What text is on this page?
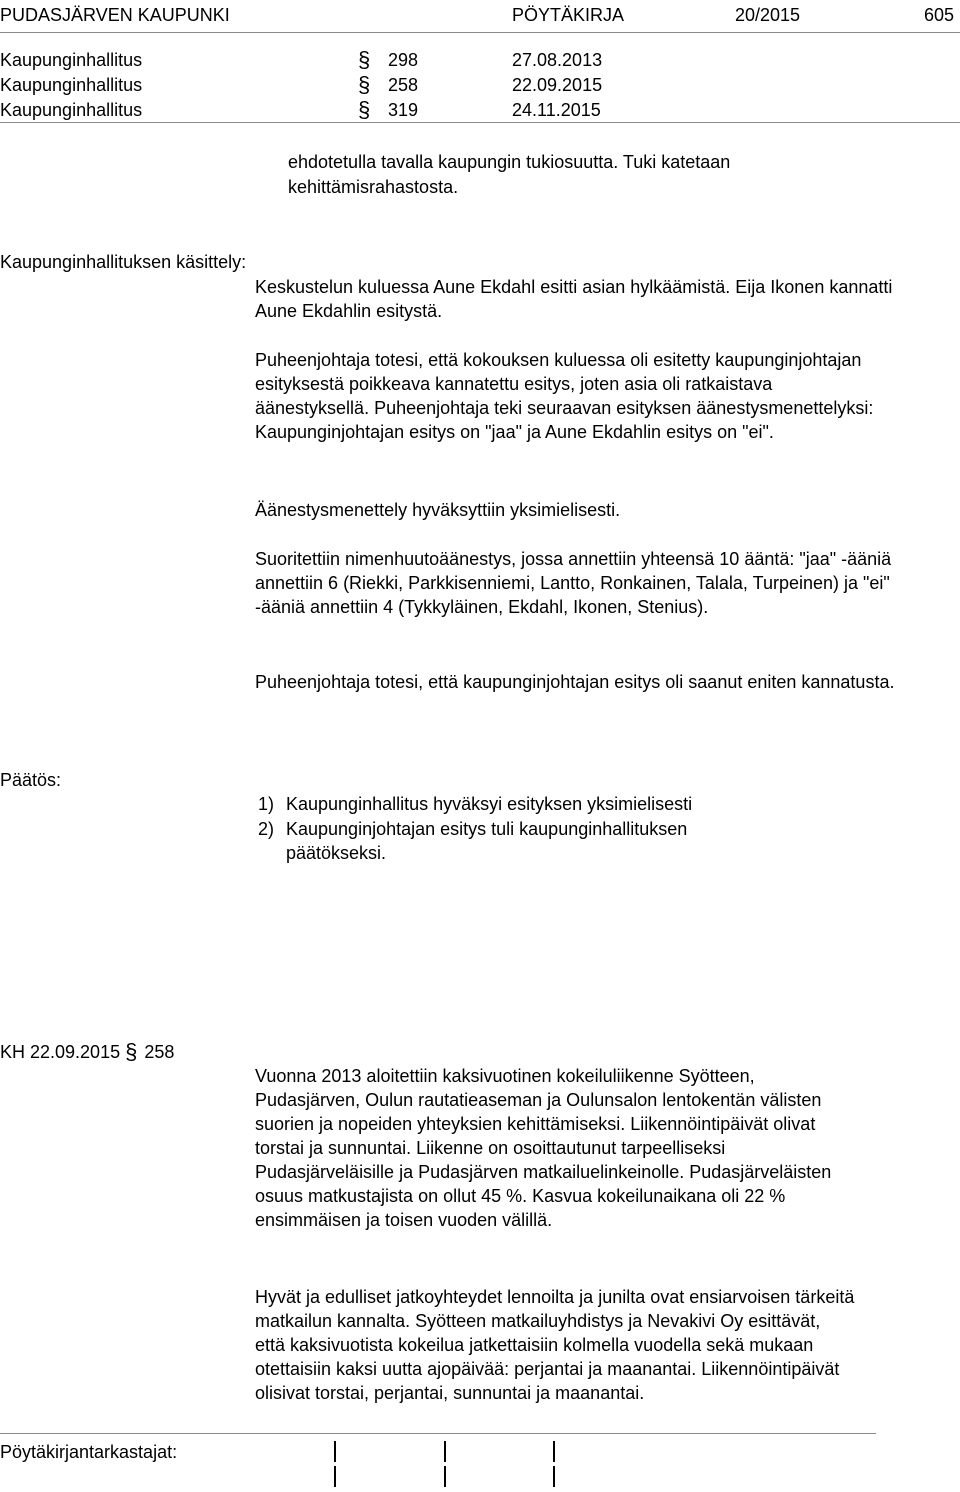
PUDASJÄRVEN KAUPUNKI	PÖYTÄKIRJA	20/2015	605
Kaupunginhallitus	§ 298	27.08.2013
Kaupunginhallitus	§ 258	22.09.2015
Kaupunginhallitus	§ 319	24.11.2015
ehdotetulla tavalla kaupungin tukiosuutta. Tuki katetaan
kehittämisrahastosta.
Kaupunginhallituksen käsittely:
Keskustelun kuluessa Aune Ekdahl esitti asian hylkäämistä. Eija Ikonen kannatti Aune Ekdahlin esitystä.
Puheenjohtaja totesi, että kokouksen kuluessa oli esitetty kaupunginjohtajan esityksestä poikkeava kannatettu esitys, joten asia oli ratkaistava äänestyksellä. Puheenjohtaja teki seuraavan esityksen äänestysmenettelyksi: Kaupunginjohtajan esitys on "jaa" ja Aune Ekdahlin esitys on "ei".
Äänestysmenettely hyväksyttiin yksimielisesti.
Suoritettiin nimenhuutoäänestys, jossa annettiin yhteensä 10 ääntä: "jaa" -ääniä annettiin 6 (Riekki, Parkkisenniemi, Lantto, Ronkainen, Talala, Turpeinen) ja "ei" -ääniä annettiin 4 (Tykkyläinen, Ekdahl, Ikonen, Stenius).
Puheenjohtaja totesi, että kaupunginjohtajan esitys oli saanut eniten kannatusta.
Päätös:
1) Kaupunginhallitus hyväksyi esityksen yksimielisesti
2) Kaupunginjohtajan esitys tuli kaupunginhallituksen päätökseksi.
KH 22.09.2015 § 258
Vuonna 2013 aloitettiin kaksivuotinen kokeiluliikenne Syötteen, Pudasjärven, Oulun rautatieaseman ja Oulunsalon lentokentän välisten suorien ja nopeiden yhteyksien kehittämiseksi. Liikennöintipäivät olivat torstai ja sunnuntai. Liikenne on osoittautunut tarpeelliseksi Pudasjärveläisille ja Pudasjärven matkailuelinkeinolle. Pudasjärveläisten osuus matkustajista on ollut 45 %. Kasvua kokeilunaikana oli 22 % ensimmäisen ja toisen vuoden välillä.
Hyvät ja edulliset jatkoyhteydet lennoilta ja junilta ovat ensiarvoisen tärkeitä matkailun kannalta. Syötteen matkailuyhdistys ja Nevakivi Oy esittävät, että kaksivuotista kokeilua jatkettaisiin kolmella vuodella sekä mukaan otettaisiin kaksi uutta ajopäivää: perjantai ja maanantai. Liikennöintipäivät olisivat torstai, perjantai, sunnuntai ja maanantai.
Pöytäkirjantarkastajat:
